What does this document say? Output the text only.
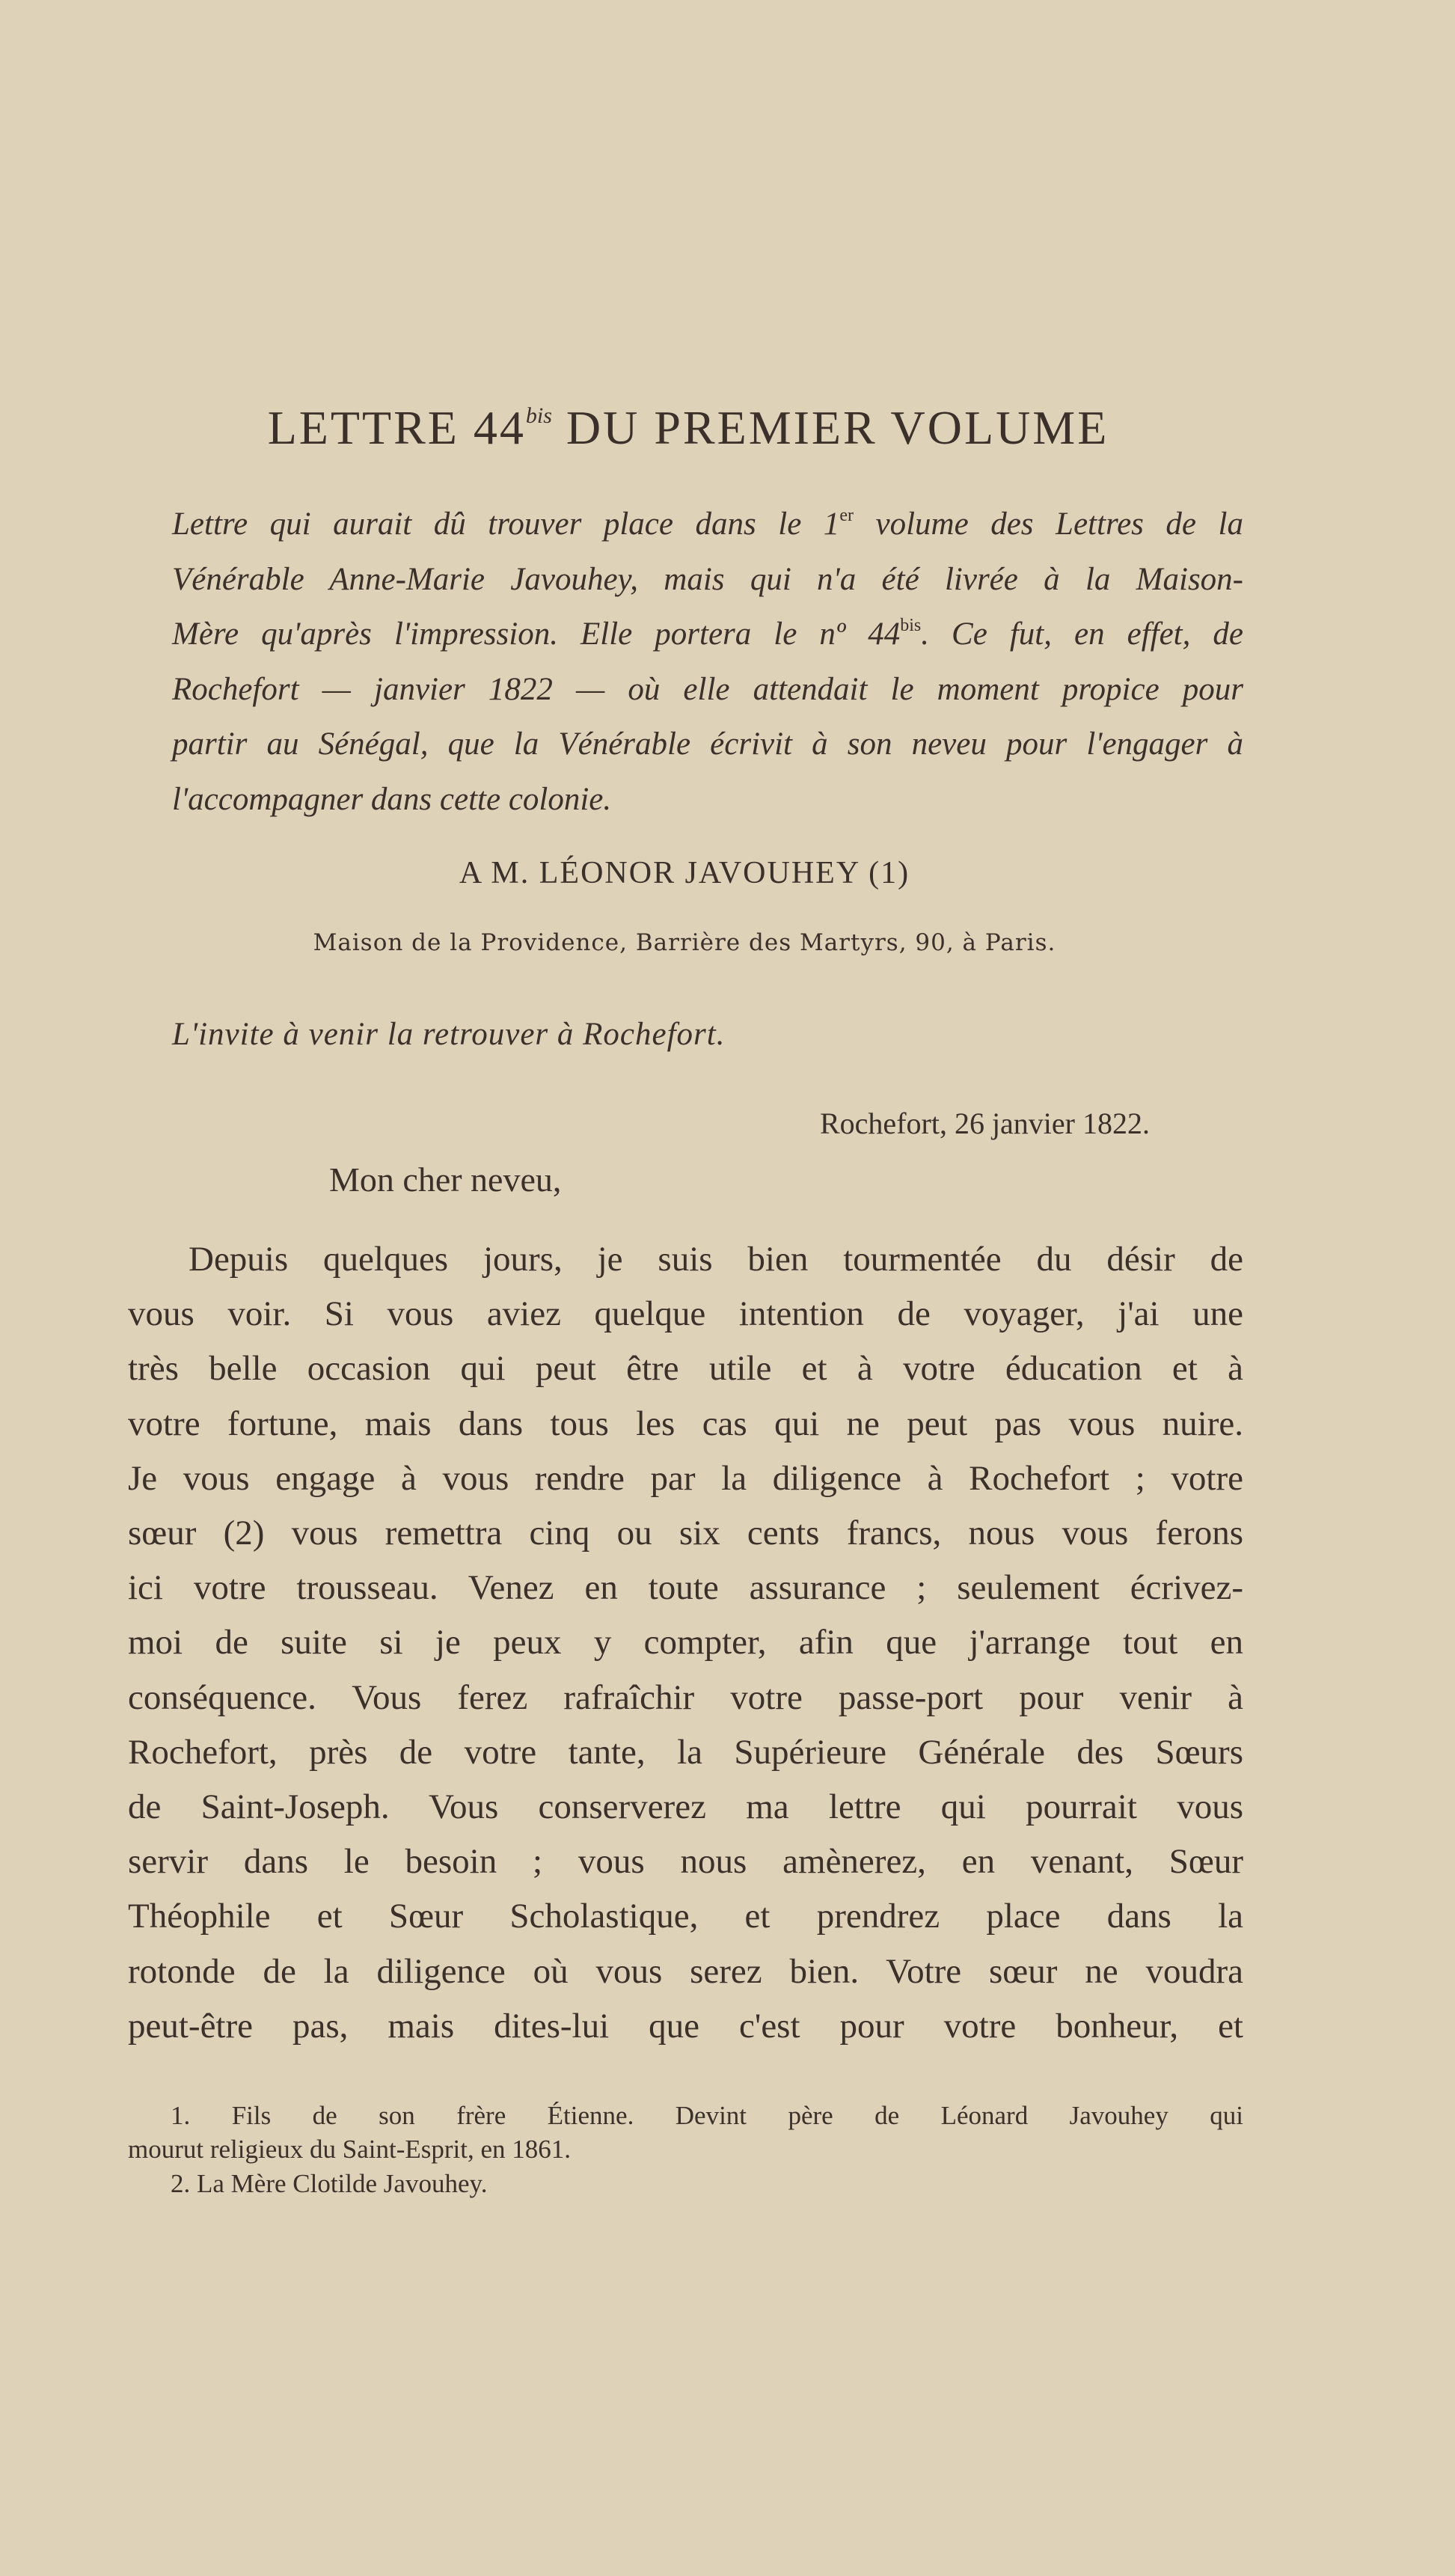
LETTRE $44^{bis}$ DU PREMIER VOLUME
Lettre qui aurait dû trouver place dans le 1er volume des Lettres de la
Vénérable Anne-Marie Javouhey, mais qui n'a été livrée à la Maison-
Mère qu'après l'impression. Elle portera le nº $44^{bis}$. Ce fut, en effet, de
Rochefort — janvier 1822 — où elle attendait le moment propice pour
partir au Sénégal, que la Vénérable écrivit à son neveu pour l'engager à
l'accompagner dans cette colonie.
A M. LÉONOR JAVOUHEY (1)
Maison de la Providence, Barrière des Martyrs, 90, à Paris.
L'invite à venir la retrouver à Rochefort.
Rochefort, 26 janvier 1822.
Mon cher neveu,
Depuis quelques jours, je suis bien tourmentée du désir de
vous voir. Si vous aviez quelque intention de voyager, j'ai une
très belle occasion qui peut être utile et à votre éducation et à
votre fortune, mais dans tous les cas qui ne peut pas vous nuire.
Je vous engage à vous rendre par la diligence à Rochefort ; votre
sœur (2) vous remettra cinq ou six cents francs, nous vous ferons
ici votre trousseau. Venez en toute assurance ; seulement écrivez-
moi de suite si je peux y compter, afin que j'arrange tout en
conséquence. Vous ferez rafraîchir votre passe-port pour venir à
Rochefort, près de votre tante, la Supérieure Générale des Sœurs
de Saint-Joseph. Vous conserverez ma lettre qui pourrait vous
servir dans le besoin ; vous nous amènerez, en venant, Sœur
Théophile et Sœur Scholastique, et prendrez place dans la
rotonde de la diligence où vous serez bien. Votre sœur ne voudra
peut-être pas, mais dites-lui que c'est pour votre bonheur, et
1. Fils de son frère Étienne. Devint père de Léonard Javouhey qui
mourut religieux du Saint-Esprit, en 1861.
2. La Mère Clotilde Javouhey.
